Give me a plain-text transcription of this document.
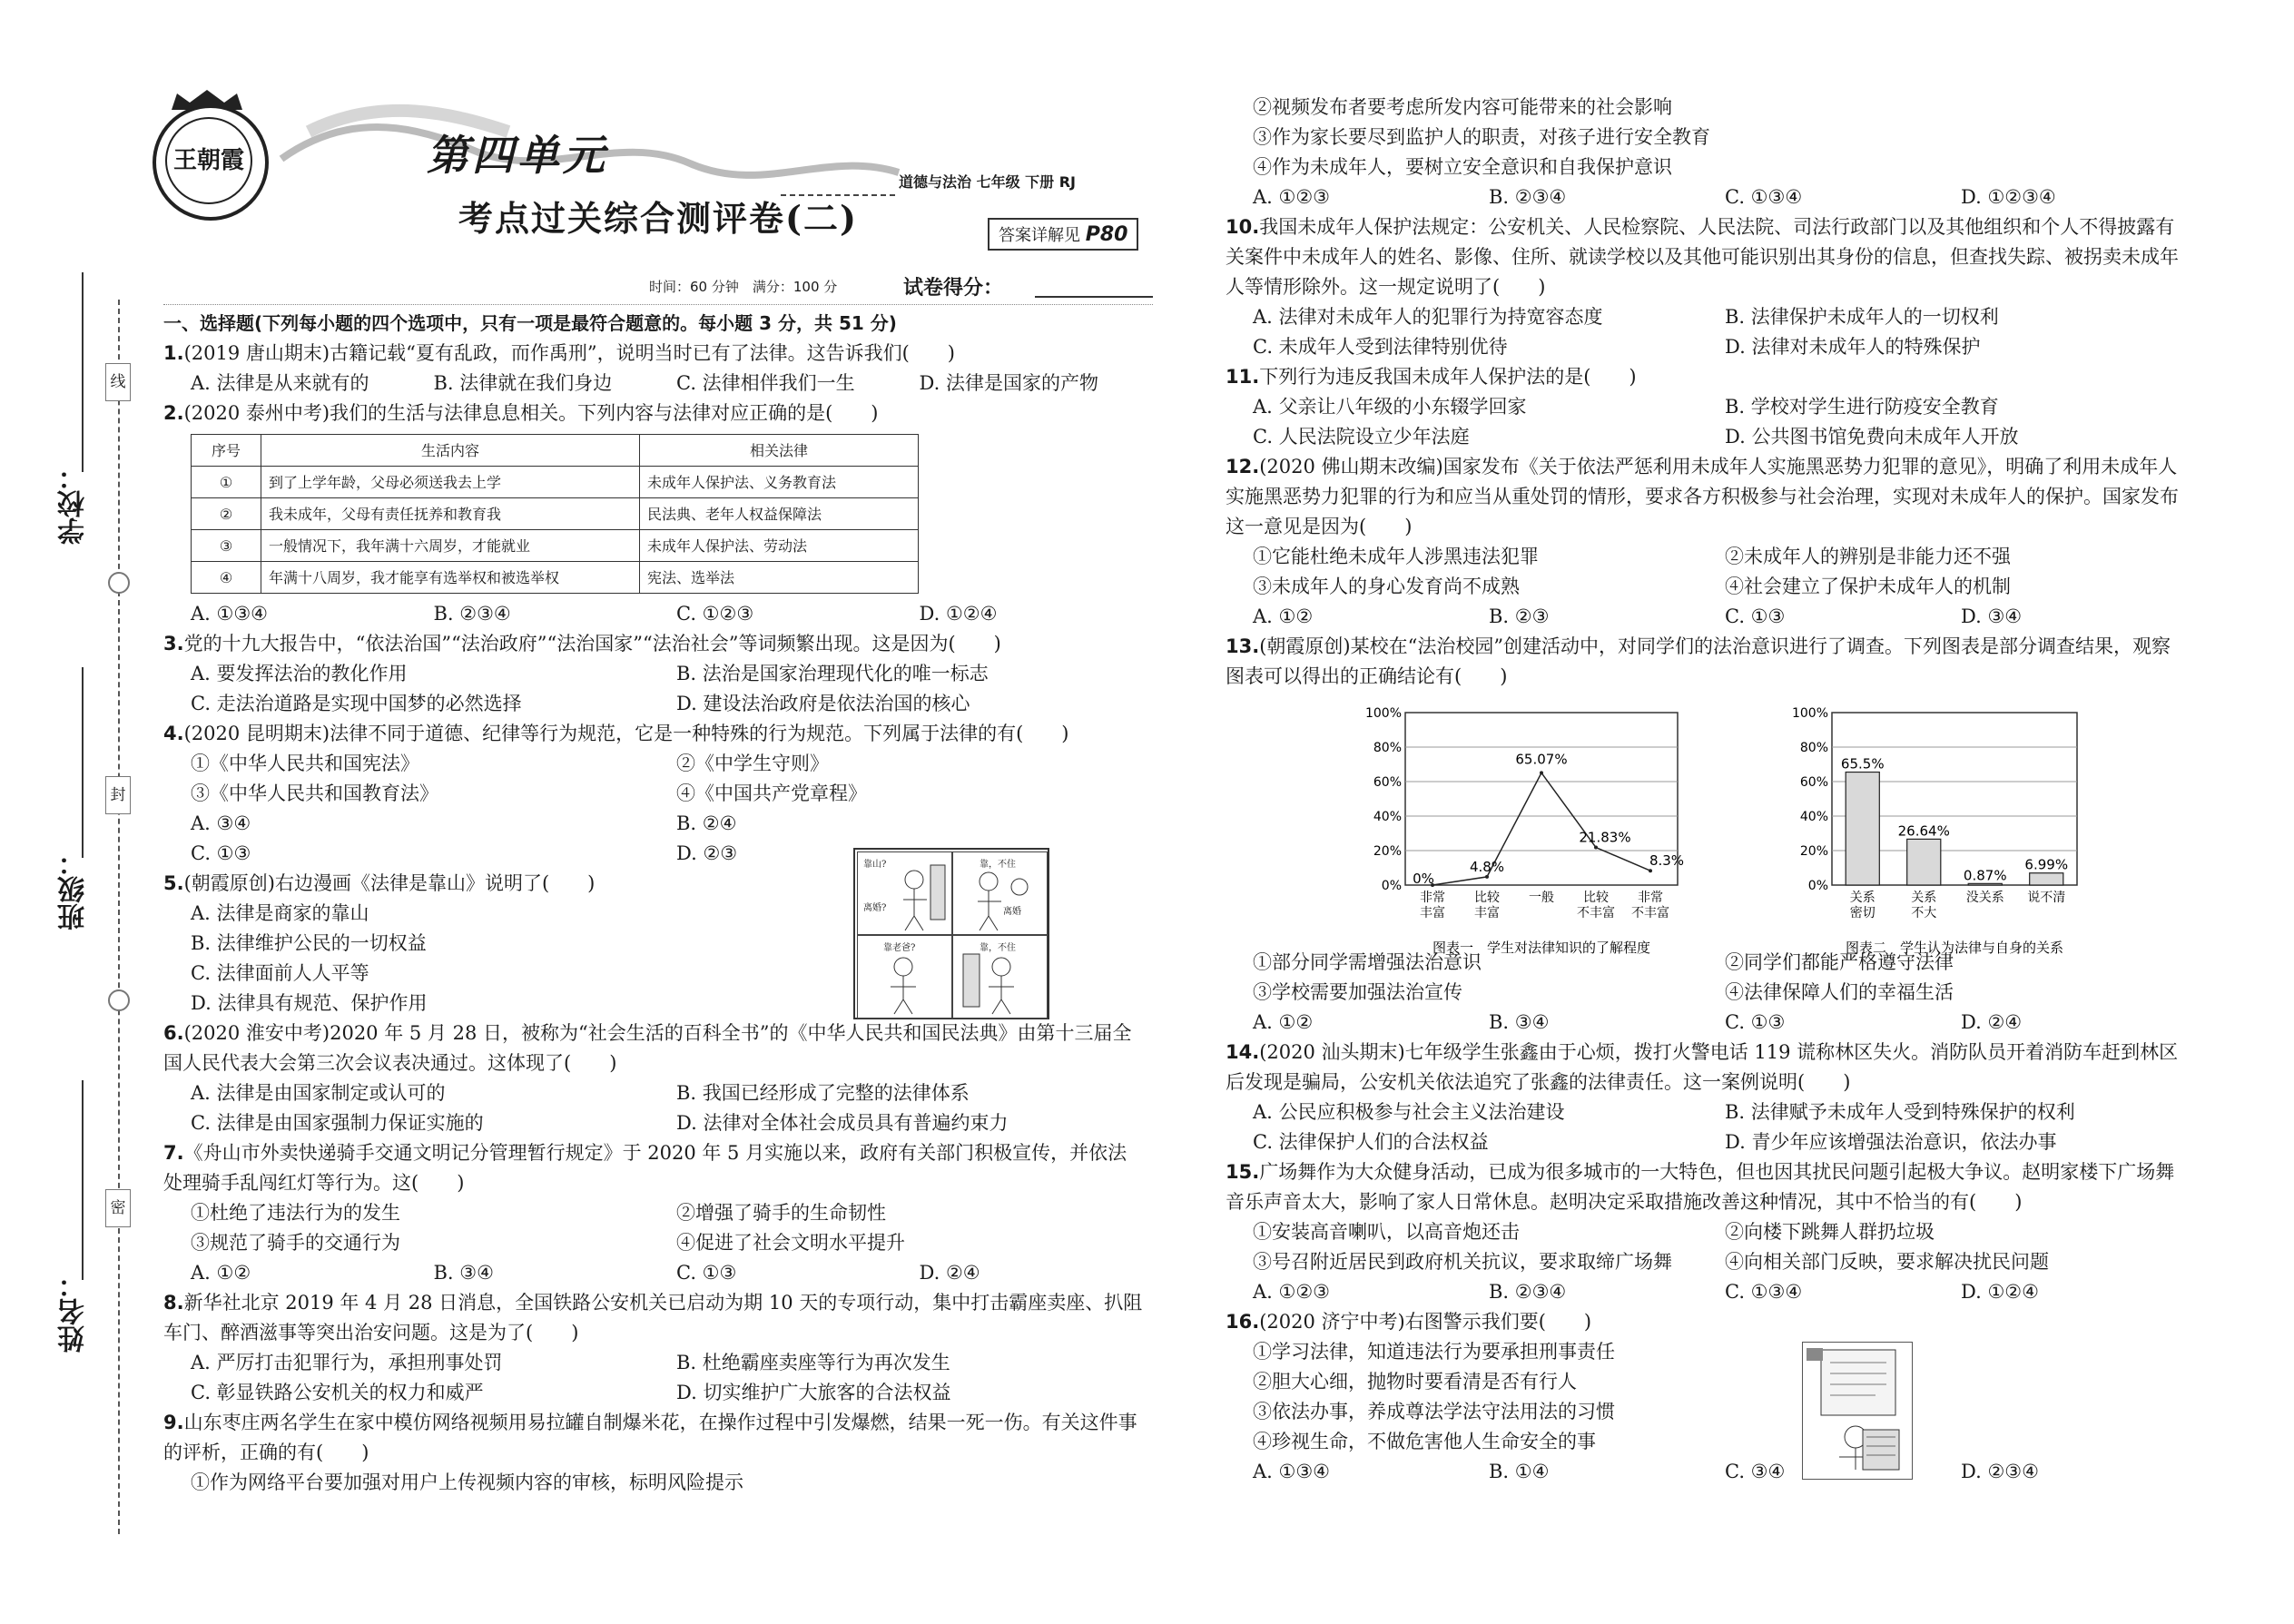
线
封
密
学校：
班级：
姓名：
王朝霞	第四单元
考点过关综合测评卷(二)
道德与法治 七年级 下册 RJ
答案详解见 P80
时间：60 分钟　满分：100 分	试卷得分：
一、选择题(下列每小题的四个选项中，只有一项是最符合题意的。每小题 3 分，共 51 分)
1.(2019 唐山期末)古籍记载“夏有乱政，而作禹刑”，说明当时已有了法律。这告诉我们(　　)
A. 法律是从来就有的	B. 法律就在我们身边	C. 法律相伴我们一生	D. 法律是国家的产物
2.(2020 泰州中考)我们的生活与法律息息相关。下列内容与法律对应正确的是(　　)
序号	生活内容	相关法律
①	到了上学年龄，父母必须送我去上学	未成年人保护法、义务教育法
②	我未成年，父母有责任抚养和教育我	民法典、老年人权益保障法
③	一般情况下，我年满十六周岁，才能就业	未成年人保护法、劳动法
④	年满十八周岁，我才能享有选举权和被选举权	宪法、选举法
A. ①③④	B. ②③④	C. ①②③	D. ①②④
3.党的十九大报告中，“依法治国”“法治政府”“法治国家”“法治社会”等词频繁出现。这是因为(　　)
A. 要发挥法治的教化作用	B. 法治是国家治理现代化的唯一标志
C. 走法治道路是实现中国梦的必然选择	D. 建设法治政府是依法治国的核心
4.(2020 昆明期末)法律不同于道德、纪律等行为规范，它是一种特殊的行为规范。下列属于法律的有(　　)
①《中华人民共和国宪法》	②《中学生守则》
③《中华人民共和国教育法》	④《中国共产党章程》
A. ③④	B. ②④
C. ①③	D. ②③
5.(朝霞原创)右边漫画《法律是靠山》说明了(　　)
A. 法律是商家的靠山
B. 法律维护公民的一切权益
C. 法律面前人人平等
D. 法律具有规范、保护作用
6.(2020 淮安中考)2020 年 5 月 28 日，被称为“社会生活的百科全书”的《中华人民共和国民法典》由第十三届全国人民代表大会第三次会议表决通过。这体现了(　　)
A. 法律是由国家制定或认可的	B. 我国已经形成了完整的法律体系
C. 法律是由国家强制力保证实施的	D. 法律对全体社会成员具有普遍约束力
7.《舟山市外卖快递骑手交通文明记分管理暂行规定》于 2020 年 5 月实施以来，政府有关部门积极宣传，并依法处理骑手乱闯红灯等行为。这(　　)
①杜绝了违法行为的发生	②增强了骑手的生命韧性
③规范了骑手的交通行为	④促进了社会文明水平提升
A. ①②	B. ③④	C. ①③	D. ②④
8.新华社北京 2019 年 4 月 28 日消息，全国铁路公安机关已启动为期 10 天的专项行动，集中打击霸座卖座、扒阻车门、醉酒滋事等突出治安问题。这是为了(　　)
A. 严厉打击犯罪行为，承担刑事处罚	B. 杜绝霸座卖座等行为再次发生
C. 彰显铁路公安机关的权力和威严	D. 切实维护广大旅客的合法权益
9.山东枣庄两名学生在家中模仿网络视频用易拉罐自制爆米花，在操作过程中引发爆燃，结果一死一伤。有关这件事的评析，正确的有(　　)
①作为网络平台要加强对用户上传视频内容的审核，标明风险提示
靠山?
离婚?
靠，不住
离婚
靠老爸?	靠，不住
②视频发布者要考虑所发内容可能带来的社会影响
③作为家长要尽到监护人的职责，对孩子进行安全教育
④作为未成年人，要树立安全意识和自我保护意识
A. ①②③	B. ②③④	C. ①③④	D. ①②③④
10.我国未成年人保护法规定：公安机关、人民检察院、人民法院、司法行政部门以及其他组织和个人不得披露有关案件中未成年人的姓名、影像、住所、就读学校以及其他可能识别出其身份的信息，但查找失踪、被拐卖未成年人等情形除外。这一规定说明了(　　)
A. 法律对未成年人的犯罪行为持宽容态度	B. 法律保护未成年人的一切权利
C. 未成年人受到法律特别优待	D. 法律对未成年人的特殊保护
11.下列行为违反我国未成年人保护法的是(　　)
A. 父亲让八年级的小东辍学回家	B. 学校对学生进行防疫安全教育
C. 人民法院设立少年法庭	D. 公共图书馆免费向未成年人开放
12.(2020 佛山期末改编)国家发布《关于依法严惩利用未成年人实施黑恶势力犯罪的意见》，明确了利用未成年人实施黑恶势力犯罪的行为和应当从重处罚的情形，要求各方积极参与社会治理，实现对未成年人的保护。国家发布这一意见是因为(　　)
①它能杜绝未成年人涉黑违法犯罪	②未成年人的辨别是非能力还不强
③未成年人的身心发育尚不成熟	④社会建立了保护未成年人的机制
A. ①②	B. ②③	C. ①③	D. ③④
13.(朝霞原创)某校在“法治校园”创建活动中，对同学们的法治意识进行了调查。下列图表是部分调查结果，观察图表可以得出的正确结论有(　　)
①部分同学需增强法治意识	②同学们都能严格遵守法律
③学校需要加强法治宣传	④法律保障人们的幸福生活
A. ①②	B. ③④	C. ①③	D. ②④
14.(2020 汕头期末)七年级学生张鑫由于心烦，拨打火警电话 119 谎称林区失火。消防队员开着消防车赶到林区后发现是骗局，公安机关依法追究了张鑫的法律责任。这一案例说明(　　)
A. 公民应积极参与社会主义法治建设	B. 法律赋予未成年人受到特殊保护的权利
C. 法律保护人们的合法权益	D. 青少年应该增强法治意识，依法办事
15.广场舞作为大众健身活动，已成为很多城市的一大特色，但也因其扰民问题引起极大争议。赵明家楼下广场舞音乐声音太大，影响了家人日常休息。赵明决定采取措施改善这种情况，其中不恰当的有(　　)
①安装高音喇叭，以高音炮还击	②向楼下跳舞人群扔垃圾
③号召附近居民到政府机关抗议，要求取缔广场舞	④向相关部门反映，要求解决扰民问题
A. ①②③	B. ②③④	C. ①③④	D. ①②④
16.(2020 济宁中考)右图警示我们要(　　)
①学习法律，知道违法行为要承担刑事责任
②胆大心细，抛物时要看清是否有行人
③依法办事，养成尊法学法守法用法的习惯
④珍视生命，不做危害他人生命安全的事
A. ①③④	B. ①④	C. ③④	D. ②③④
0%
20%
40%
60%
80%
100%
0%
4.8%
65.07%
21.83%
8.3%
非常
丰富
比较
丰富
一般 比较
不丰富
非常
不丰富
图表一　学生对法律知识的了解程度
0%
20%
40%
60%
80%
100%
65.5%
26.64%
0.87%
6.99%
关系
密切
关系
不大
没关系 说不清
图表二　学生认为法律与自身的关系
